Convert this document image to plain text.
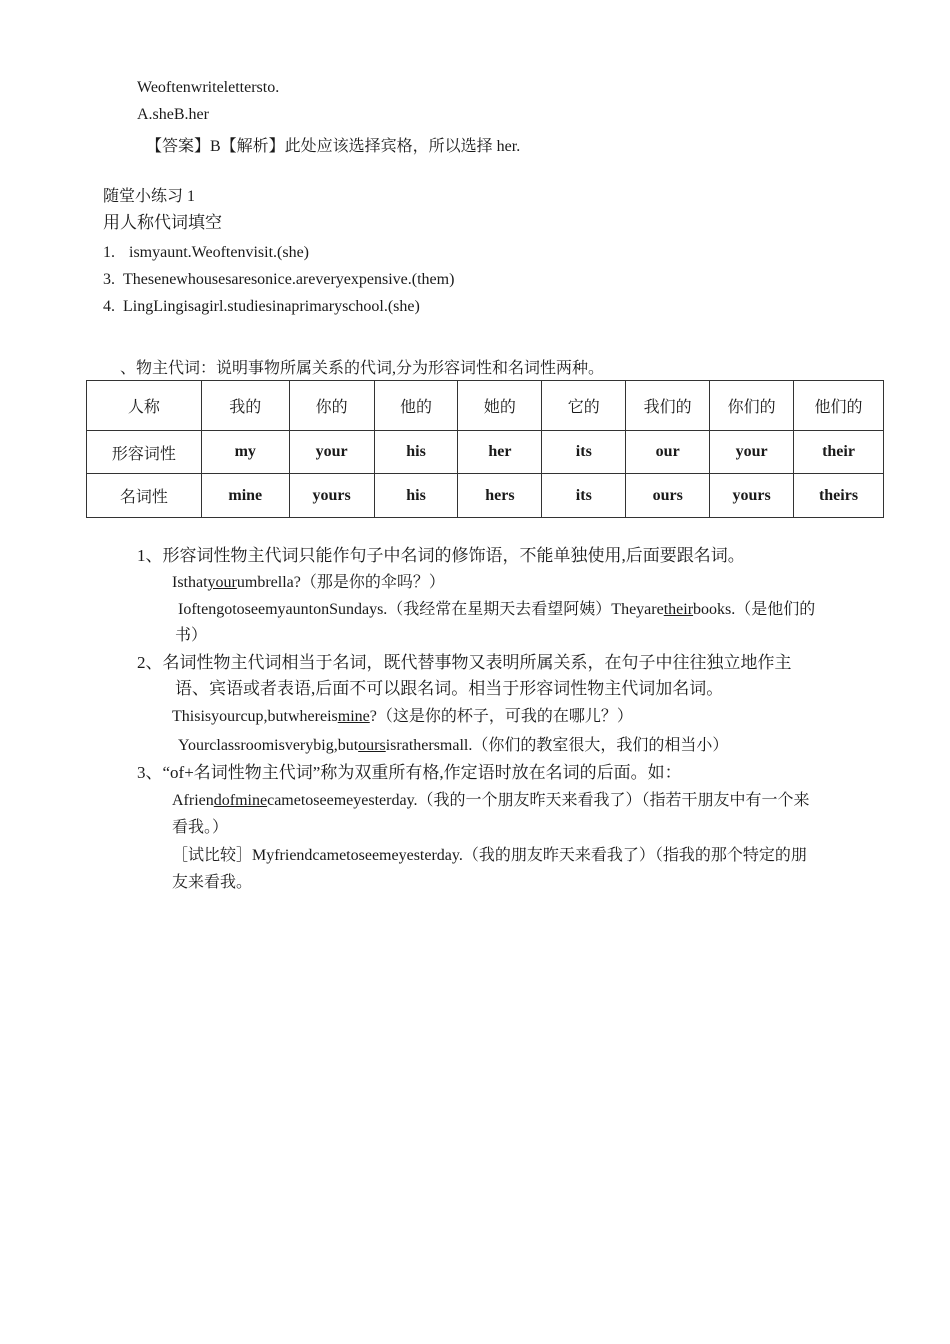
Weoftenwritelettersto.
A.sheB.her
【答案】B【解析】此处应该选择宾格，所以选择 her.
随堂小练习 1
用人称代词填空
1. ismyaunt.Weoftenvisit.(she)
3. Thesenewhousesaresonice.areveryexpensive.(them)
4. LingLingisagirl.studiesinaprimaryschool.(she)
、物主代词：说明事物所属关系的代词,分为形容词性和名词性两种。
人称	我的	你的	他的	她的	它的	我们的	你们的	他们的
形容词性	my	your	his	her	its	our	your	their
名词性	mine	yours	his	hers	its	ours	yours	theirs
1、形容词性物主代词只能作句子中名词的修饰语，不能单独使用,后面要跟名词。
Isthatyourumbrella?（那是你的伞吗？）
IoftengotoseemyauntonSundays.（我经常在星期天去看望阿姨）Theyaretheirbooks.（是他们的
书）
2、名词性物主代词相当于名词，既代替事物又表明所属关系，在句子中往往独立地作主
语、宾语或者表语,后面不可以跟名词。相当于形容词性物主代词加名词。
Thisisyourcup,butwhereismine?（这是你的杯子，可我的在哪儿？）
Yourclassroomisverybig,butoursisrathersmall.（你们的教室很大，我们的相当小）
3、“of+名词性物主代词”称为双重所有格,作定语时放在名词的后面。如：
Afriendofminecametoseemeyesterday.（我的一个朋友昨天来看我了）（指若干朋友中有一个来
看我。）
［试比较］Myfriendcametoseemeyesterday.（我的朋友昨天来看我了）（指我的那个特定的朋
友来看我。
